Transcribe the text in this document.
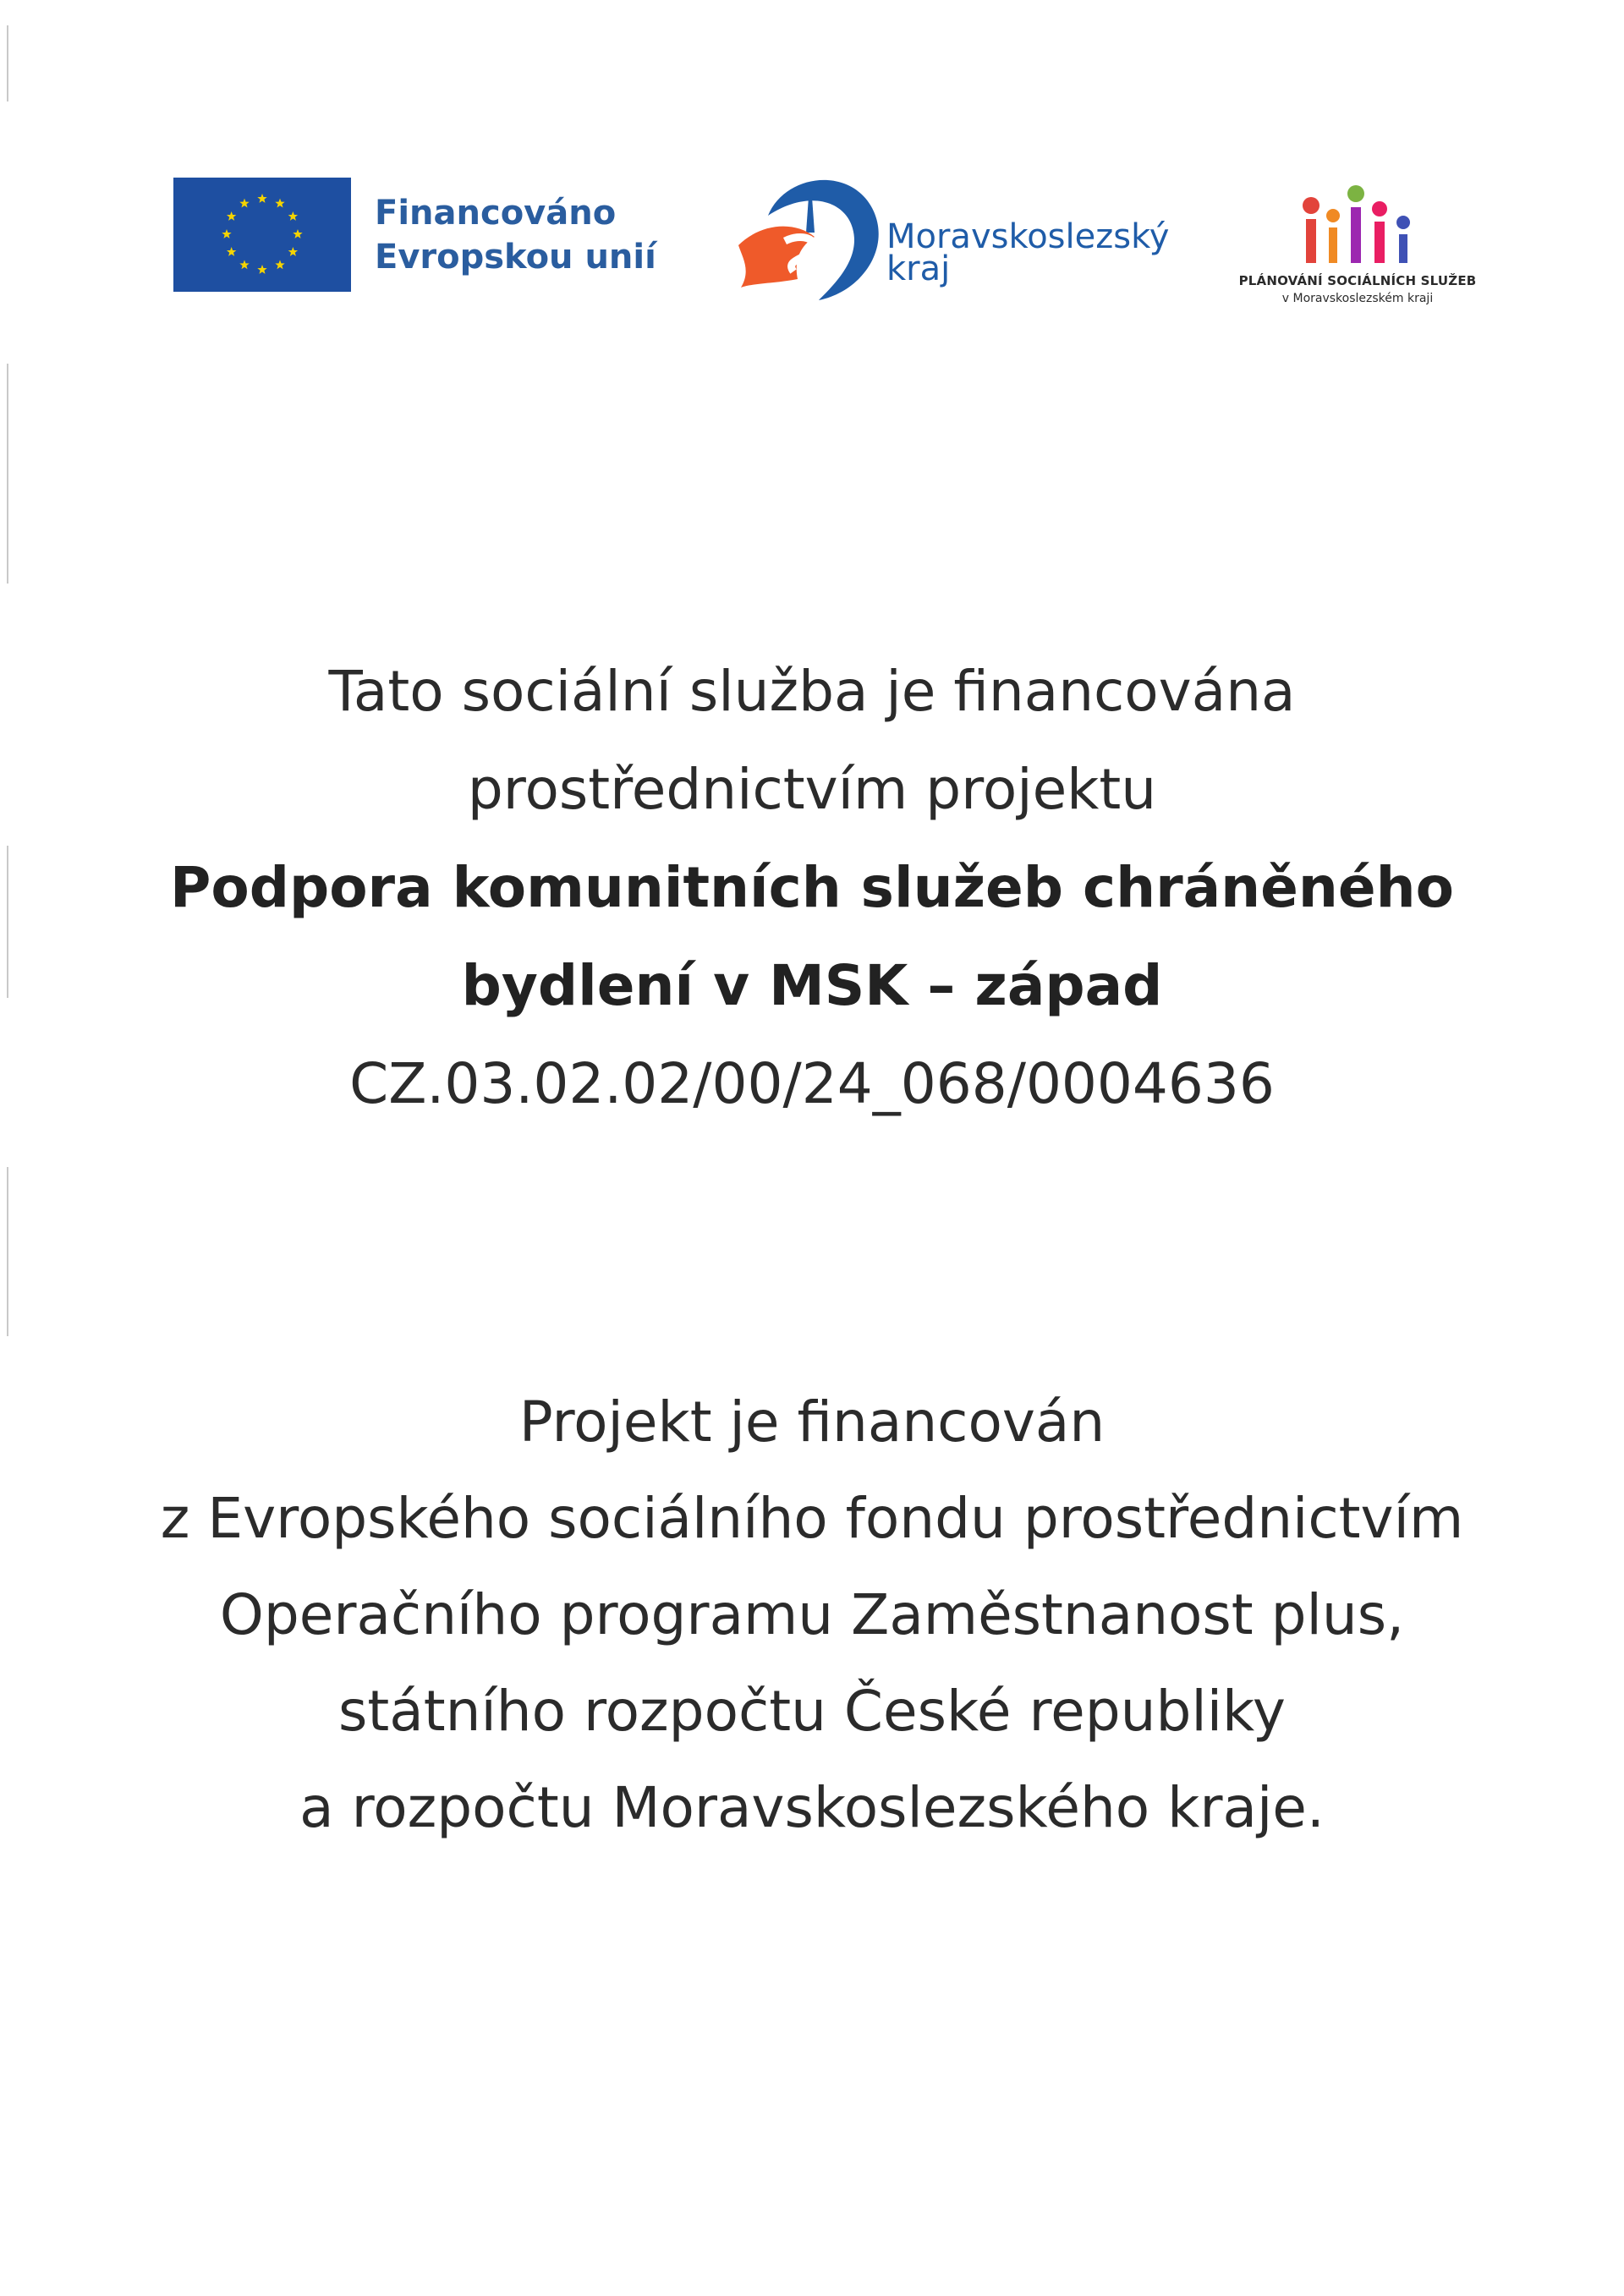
Financováno
Evropskou unií
Moravskoslezský
kraj	PLÁNOVÁNÍ SOCIÁLNÍCH SLUŽEB
v Moravskoslezském kraji
Tato sociální služba je financována
prostřednictvím projektu
Podpora komunitních služeb chráněného
bydlení v MSK – západ
CZ.03.02.02/00/24_068/0004636
Projekt je financován
z Evropského sociálního fondu prostřednictvím
Operačního programu Zaměstnanost plus,
státního rozpočtu České republiky
a rozpočtu Moravskoslezského kraje.
